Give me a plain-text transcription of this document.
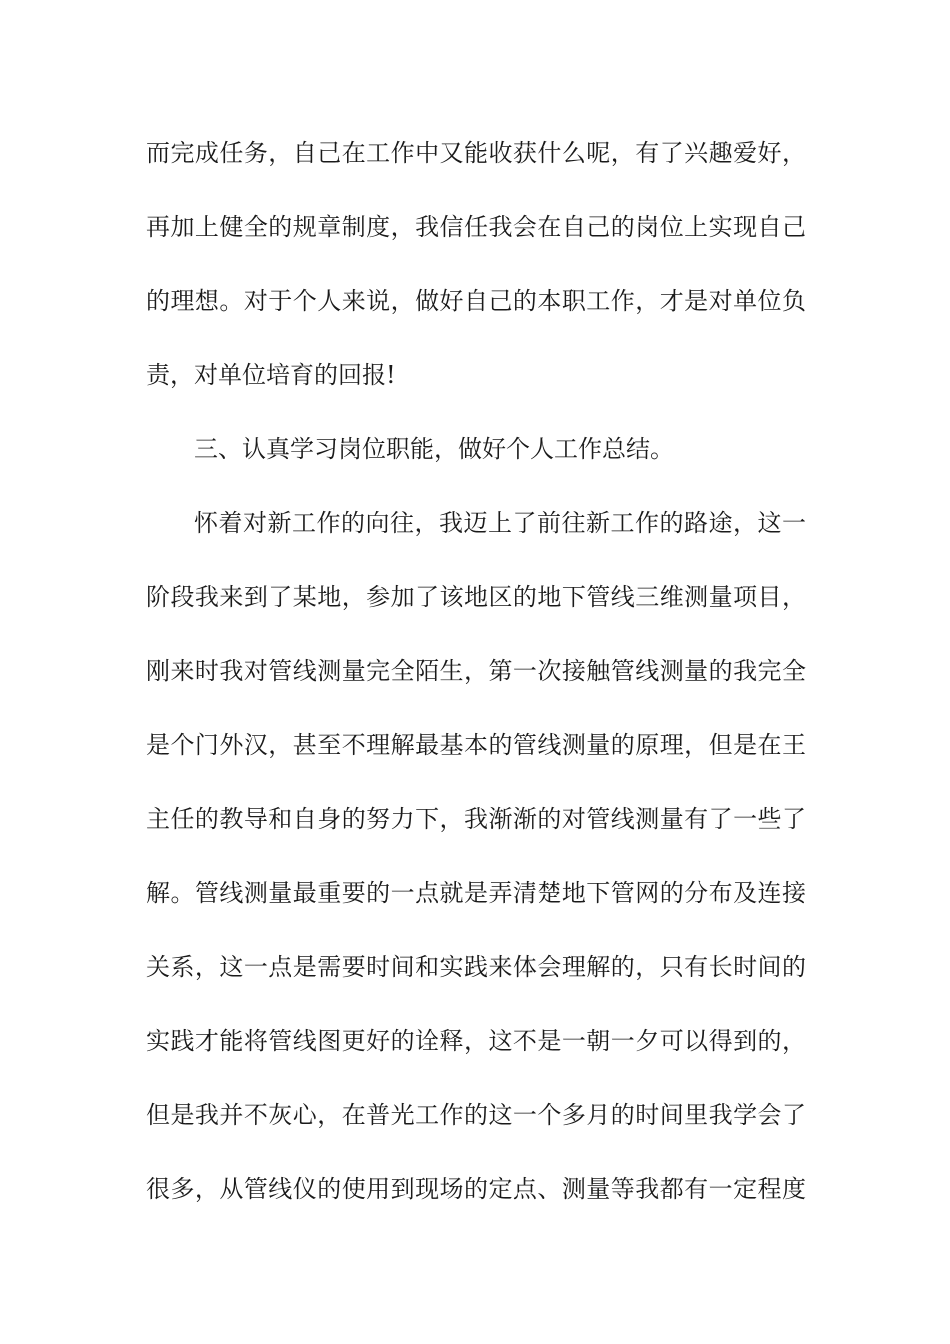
而完成任务，自己在工作中又能收获什么呢，有了兴趣爱好，
再加上健全的规章制度，我信任我会在自己的岗位上实现自己
的理想。对于个人来说，做好自己的本职工作，才是对单位负
责，对单位培育的回报!
三、认真学习岗位职能，做好个人工作总结。
怀着对新工作的向往，我迈上了前往新工作的路途，这一
阶段我来到了某地，参加了该地区的地下管线三维测量项目，
刚来时我对管线测量完全陌生，第一次接触管线测量的我完全
是个门外汉，甚至不理解最基本的管线测量的原理，但是在王
主任的教导和自身的努力下，我渐渐的对管线测量有了一些了
解。管线测量最重要的一点就是弄清楚地下管网的分布及连接
关系，这一点是需要时间和实践来体会理解的，只有长时间的
实践才能将管线图更好的诠释，这不是一朝一夕可以得到的，
但是我并不灰心，在普光工作的这一个多月的时间里我学会了
很多，从管线仪的使用到现场的定点、测量等我都有一定程度
